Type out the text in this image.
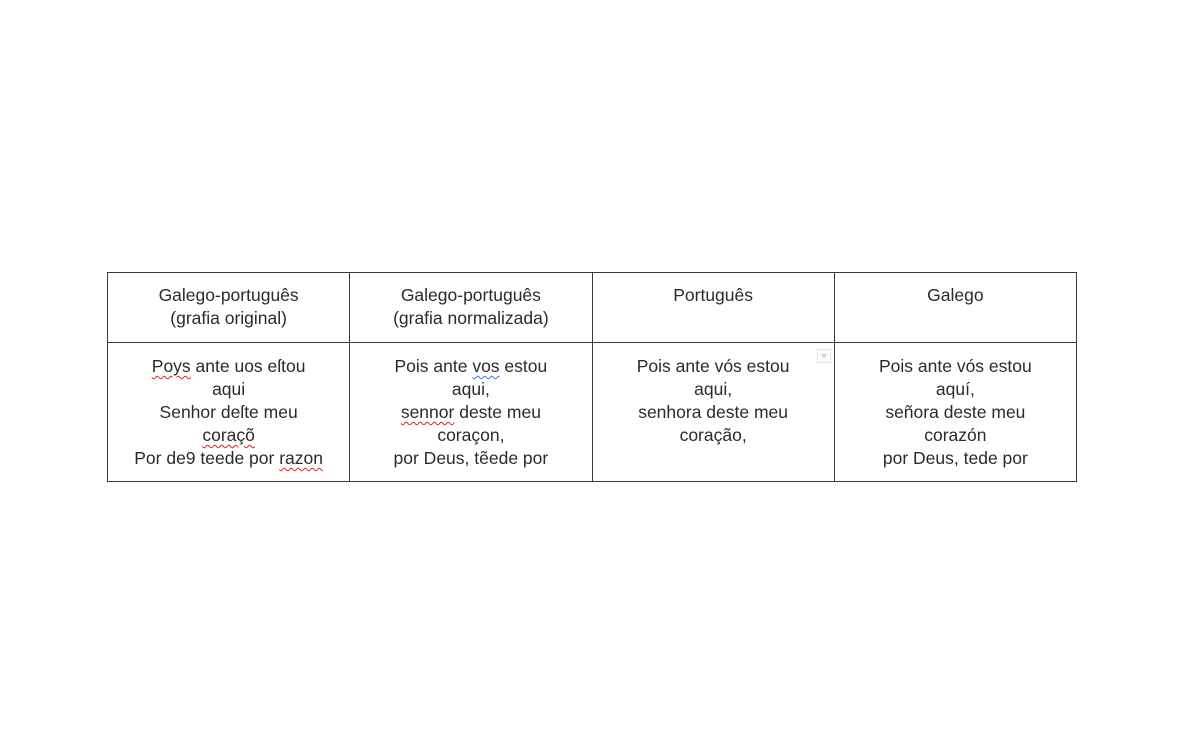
Galego-português
(grafia original)	Galego-português
(grafia normalizada)	Português	Galego

Poys ante uos eſtou
aqui
Senhor deſte meu
coraçõ
Por de9 teede por razon	Pois ante vos estou
aqui,
sennor deste meu
coraçon,
por Deus, tẽede por	Pois ante vós estou
aqui,
senhora deste meu
coração,	Pois ante vós estou
aquí,
señora deste meu
corazón
por Deus, tede por
